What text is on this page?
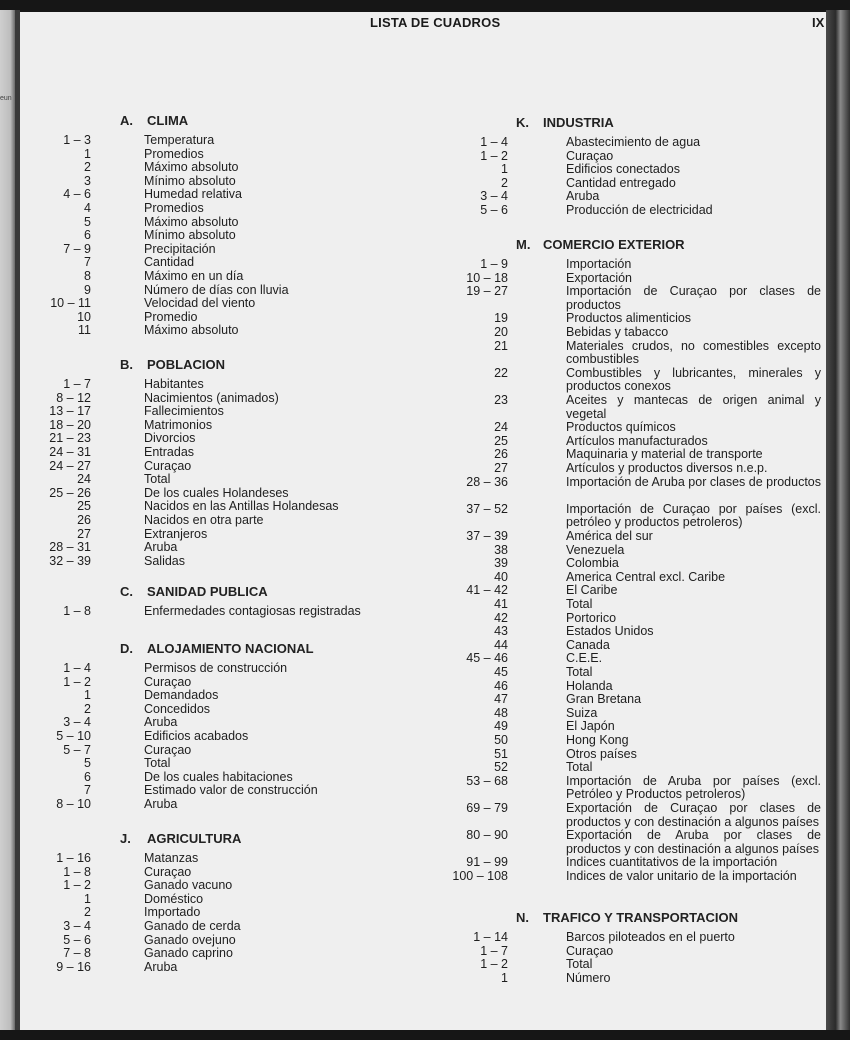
eun
LISTA DE CUADROS	IX
A. CLIMA
1 – 3	Temperatura
1	Promedios
2	Máximo absoluto
3	Mínimo absoluto
4 – 6	Humedad relativa
4	Promedios
5	Máximo absoluto
6	Mínimo absoluto
7 – 9	Precipitación
7	Cantidad
8	Máximo en un día
9	Número de días con lluvia
10 – 11	Velocidad del viento
10	Promedio
11	Máximo absoluto
B. POBLACION
1 – 7	Habitantes
8 – 12	Nacimientos (animados)
13 – 17	Fallecimientos
18 – 20	Matrimonios
21 – 23	Divorcios
24 – 31	Entradas
24 – 27	Curaçao
24	Total
25 – 26	De los cuales Holandeses
25	Nacidos en las Antillas Holandesas
26	Nacidos en otra parte
27	Extranjeros
28 – 31	Aruba
32 – 39	Salidas
C. SANIDAD PUBLICA
1 – 8	Enfermedades contagiosas registradas
D. ALOJAMIENTO NACIONAL
1 – 4	Permisos de construcción
1 – 2	Curaçao
1	Demandados
2	Concedidos
3 – 4	Aruba
5 – 10	Edificios acabados
5 – 7	Curaçao
5	Total
6	De los cuales habitaciones
7	Estimado valor de construcción
8 – 10	Aruba
J. AGRICULTURA
1 – 16	Matanzas
1 – 8	Curaçao
1 – 2	Ganado vacuno
1	Doméstico
2	Importado
3 – 4	Ganado de cerda
5 – 6	Ganado ovejuno
7 – 8	Ganado caprino
9 – 16	Aruba
K. INDUSTRIA
1 – 4	Abastecimiento de agua
1 – 2	Curaçao
1	Edificios conectados
2	Cantidad entregado
3 – 4	Aruba
5 – 6	Producción de electricidad
M. COMERCIO EXTERIOR
1 – 9	Importación
10 – 18	Exportación
19 – 27	Importación de Curaçao por clases de productos
19	Productos alimenticios
20	Bebidas y tabacco
21	Materiales crudos, no comestibles excepto combustibles
22	Combustibles y lubricantes, minerales y productos conexos
23	Aceites y mantecas de origen animal y vegetal
24	Productos químicos
25	Artículos manufacturados
26	Maquinaria y material de transporte
27	Artículos y productos diversos n.e.p.
28 – 36	Importación de Aruba por clases de productos
37 – 52	Importación de Curaçao por países (excl. petróleo y productos petroleros)
37 – 39	América del sur
38	Venezuela
39	Colombia
40	America Central excl. Caribe
41 – 42	El Caribe
41	Total
42	Portorico
43	Estados Unidos
44	Canada
45 – 46	C.E.E.
45	Total
46	Holanda
47	Gran Bretana
48	Suiza
49	El Japón
50	Hong Kong
51	Otros países
52	Total
53 – 68	Importación de Aruba por países (excl. Petróleo y Productos petroleros)
69 – 79	Exportación de Curaçao por clases de productos y con destinación a algunos países
80 – 90	Exportación de Aruba por clases de productos y con destinación a algunos países
91 – 99	Indices cuantitativos de la importación
100 – 108	Indices de valor unitario de la importación
N. TRAFICO Y TRANSPORTACION
1 – 14	Barcos piloteados en el puerto
1 – 7	Curaçao
1 – 2	Total
1	Número
